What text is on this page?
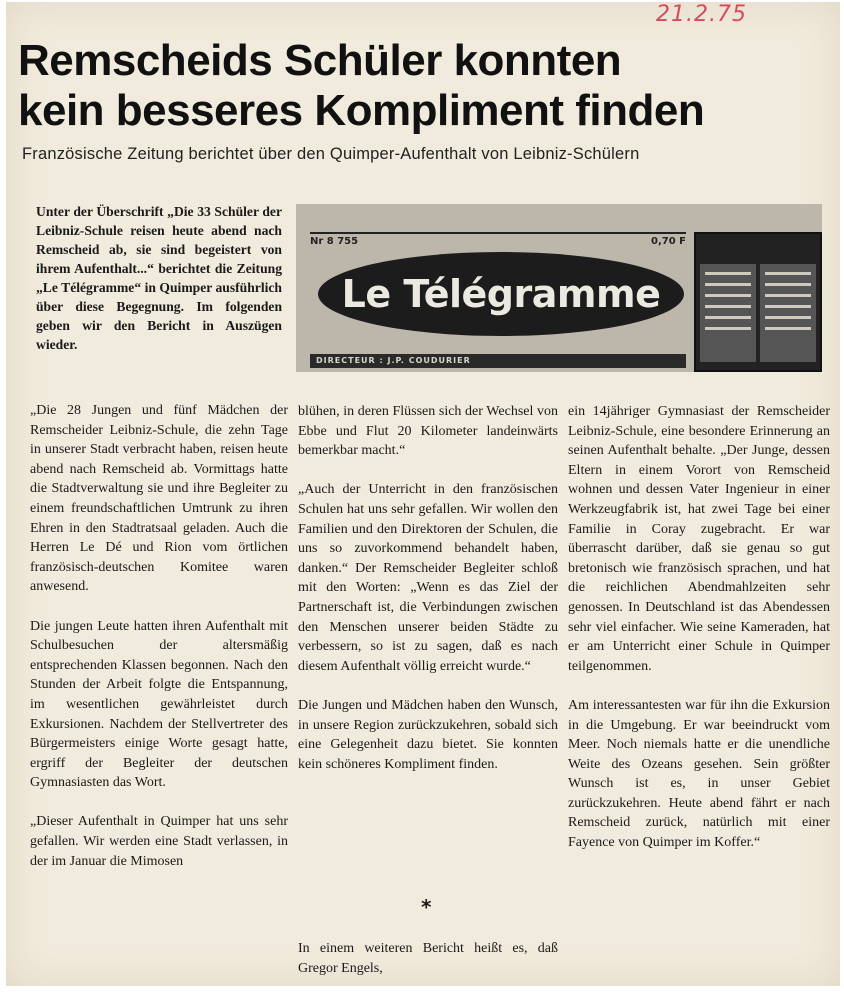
21.2.75
Remscheids Schüler konnten
kein besseres Kompliment finden

Französische Zeitung berichtet über den Quimper-Aufenthalt von Leibniz-Schülern

Unter der Überschrift „Die 33 Schüler der Leibniz-Schule reisen heute abend nach Remscheid ab, sie sind begeistert von ihrem Aufenthalt...“ berichtet die Zeitung „Le Télégramme“ in Quimper ausführlich über diese Begegnung. Im folgenden geben wir den Bericht in Auszügen wieder.

Nr 8 755	0,70 F
Le Télégramme
DIRECTEUR : J.P. COUDURIER

„Die 28 Jungen und fünf Mädchen der Remscheider Leibniz-Schule, die zehn Tage in unserer Stadt verbracht haben, reisen heute abend nach Remscheid ab. Vormittags hatte die Stadtverwaltung sie und ihre Begleiter zu einem freundschaftlichen Umtrunk zu ihren Ehren in den Stadtratsaal geladen. Auch die Herren Le Dé und Rion vom örtlichen französisch-deutschen Komitee waren anwesend.

Die jungen Leute hatten ihren Aufenthalt mit Schulbesuchen der altersmäßig entsprechenden Klassen begonnen. Nach den Stunden der Arbeit folgte die Entspannung, im wesentlichen gewährleistet durch Exkursionen. Nachdem der Stellvertreter des Bürgermeisters einige Worte gesagt hatte, ergriff der Begleiter der deutschen Gymnasiasten das Wort.

„Dieser Aufenthalt in Quimper hat uns sehr gefallen. Wir werden eine Stadt verlassen, in der im Januar die Mimosen

blühen, in deren Flüssen sich der Wechsel von Ebbe und Flut 20 Kilometer landeinwärts bemerkbar macht.“

„Auch der Unterricht in den französischen Schulen hat uns sehr gefallen. Wir wollen den Familien und den Direktoren der Schulen, die uns so zuvorkommend behandelt haben, danken.“ Der Remscheider Begleiter schloß mit den Worten: „Wenn es das Ziel der Partnerschaft ist, die Verbindungen zwischen den Menschen unserer beiden Städte zu verbessern, so ist zu sagen, daß es nach diesem Aufenthalt völlig erreicht wurde.“

Die Jungen und Mädchen haben den Wunsch, in unsere Region zurückzukehren, sobald sich eine Gelegenheit dazu bietet. Sie konnten kein schöneres Kompliment finden.

*

In einem weiteren Bericht heißt es, daß Gregor Engels,

ein 14jähriger Gymnasiast der Remscheider Leibniz-Schule, eine besondere Erinnerung an seinen Aufenthalt behalte. „Der Junge, dessen Eltern in einem Vorort von Remscheid wohnen und dessen Vater Ingenieur in einer Werkzeugfabrik ist, hat zwei Tage bei einer Familie in Coray zugebracht. Er war überrascht darüber, daß sie genau so gut bretonisch wie französisch sprachen, und hat die reichlichen Abendmahlzeiten sehr genossen. In Deutschland ist das Abendessen sehr viel einfacher. Wie seine Kameraden, hat er am Unterricht einer Schule in Quimper teilgenommen.

Am interessantesten war für ihn die Exkursion in die Umgebung. Er war beeindruckt vom Meer. Noch niemals hatte er die unendliche Weite des Ozeans gesehen. Sein größter Wunsch ist es, in unser Gebiet zurückzukehren. Heute abend fährt er nach Remscheid zurück, natürlich mit einer Fayence von Quimper im Koffer.“
